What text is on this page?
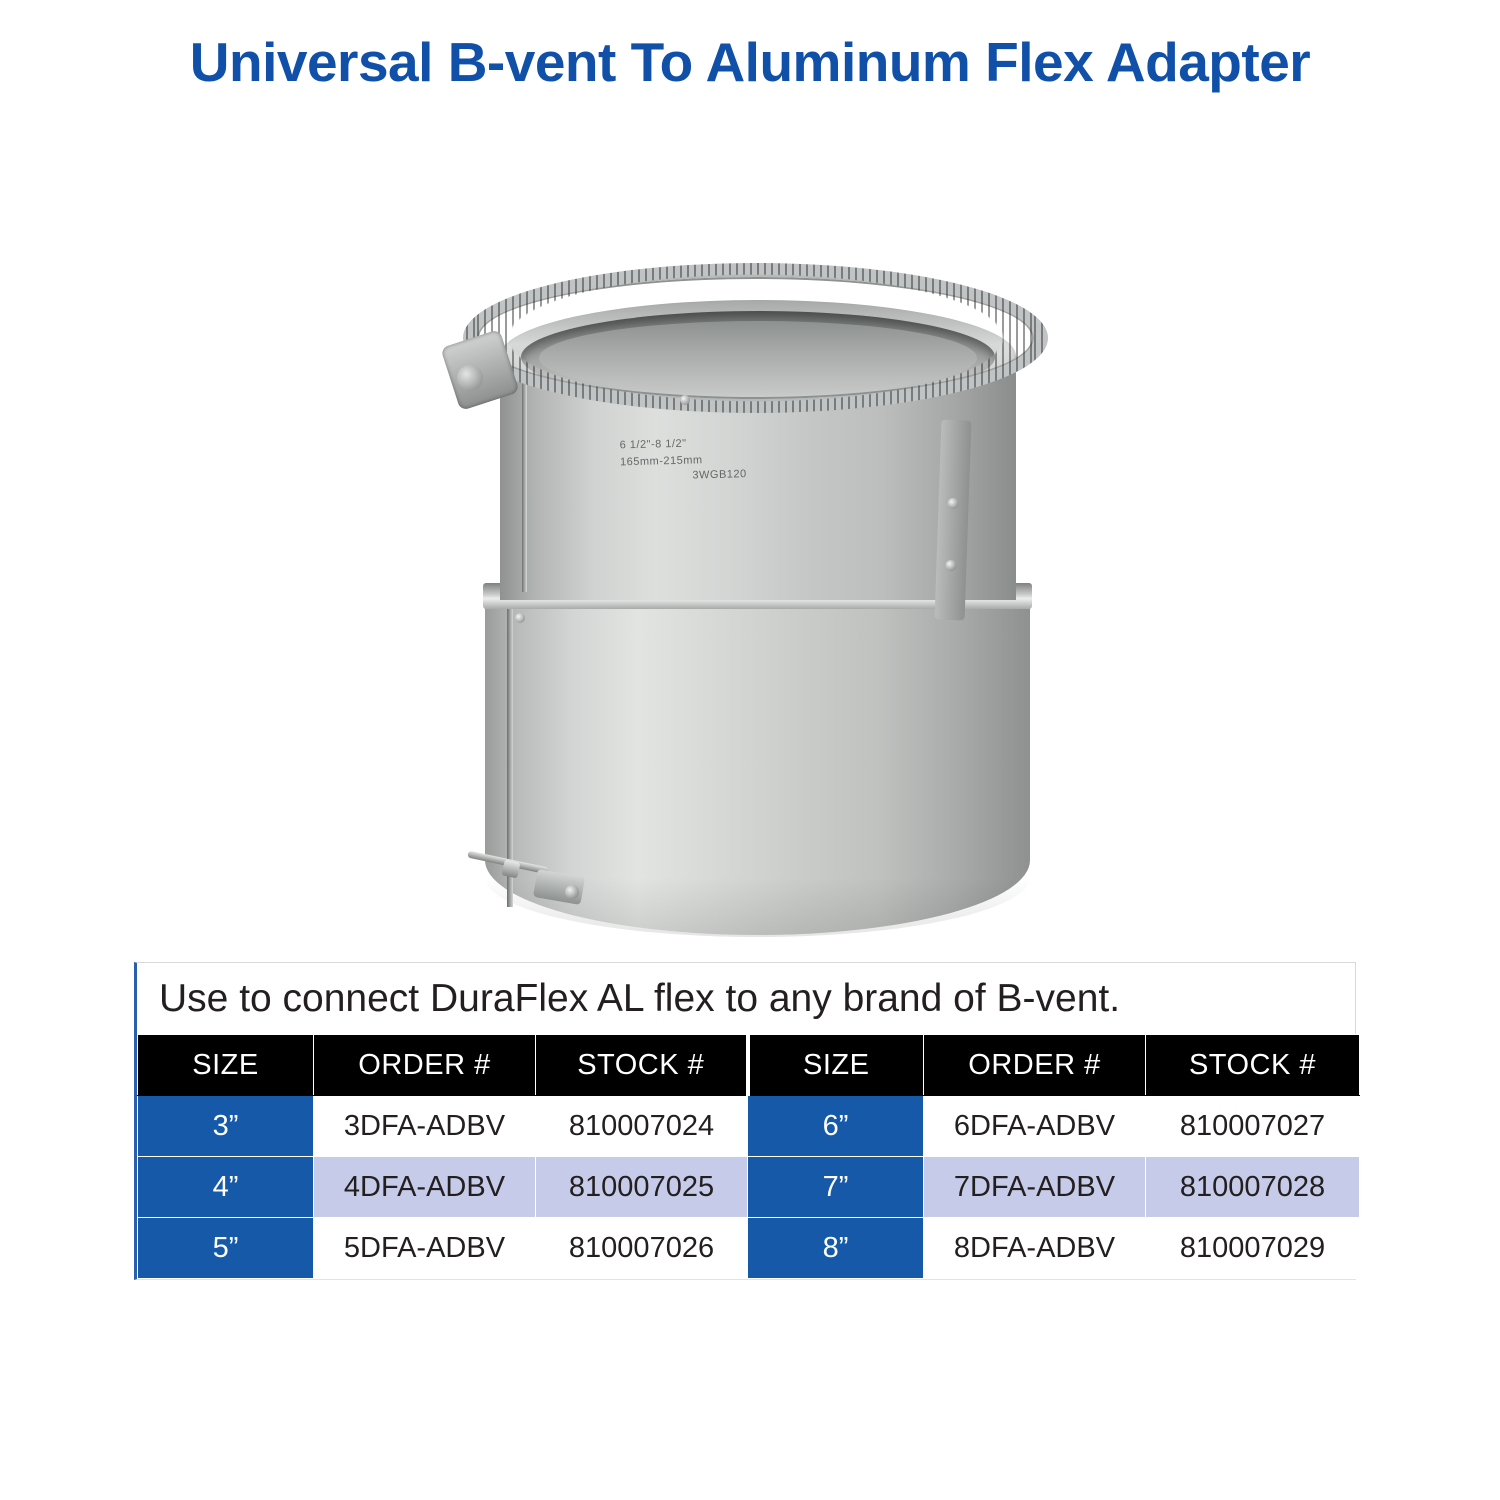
Universal B-vent To Aluminum Flex Adapter
6 1/2"-8 1/2"
165mm-215mm
3WGB120
Use to connect DuraFlex AL flex to any brand of B-vent.
SIZE	ORDER #	STOCK #	SIZE	ORDER #	STOCK #
3”	3DFA-ADBV	810007024	6”	6DFA-ADBV	810007027
4”	4DFA-ADBV	810007025	7”	7DFA-ADBV	810007028
5”	5DFA-ADBV	810007026	8”	8DFA-ADBV	810007029
